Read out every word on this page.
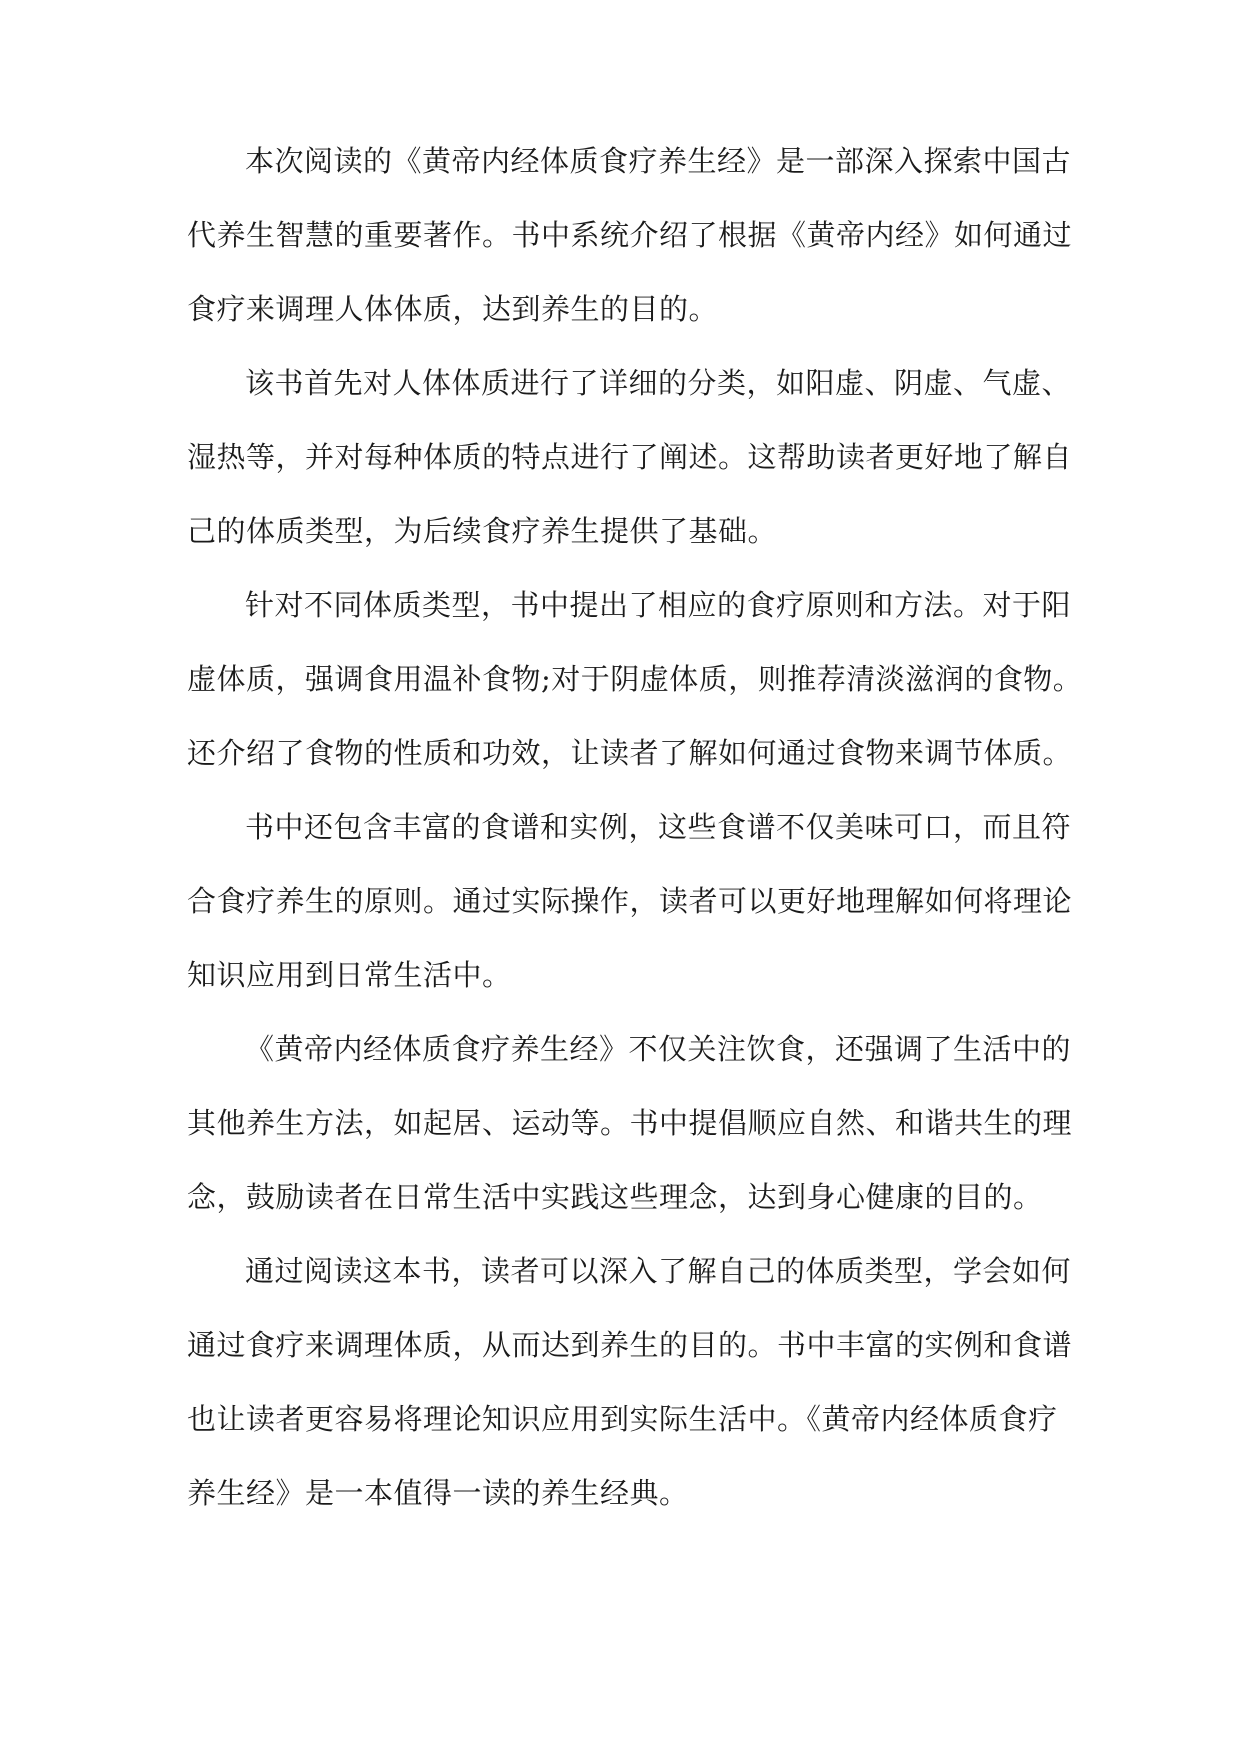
本次阅读的《黄帝内经体质食疗养生经》是一部深入探索中国古
代养生智慧的重要著作。书中系统介绍了根据《黄帝内经》如何通过
食疗来调理人体体质，达到养生的目的。
该书首先对人体体质进行了详细的分类，如阳虚、阴虚、气虚、
湿热等，并对每种体质的特点进行了阐述。这帮助读者更好地了解自
己的体质类型，为后续食疗养生提供了基础。
针对不同体质类型，书中提出了相应的食疗原则和方法。对于阳
虚体质，强调食用温补食物;对于阴虚体质，则推荐清淡滋润的食物。
还介绍了食物的性质和功效，让读者了解如何通过食物来调节体质。
书中还包含丰富的食谱和实例，这些食谱不仅美味可口，而且符
合食疗养生的原则。通过实际操作，读者可以更好地理解如何将理论
知识应用到日常生活中。
《黄帝内经体质食疗养生经》不仅关注饮食，还强调了生活中的
其他养生方法，如起居、运动等。书中提倡顺应自然、和谐共生的理
念，鼓励读者在日常生活中实践这些理念，达到身心健康的目的。
通过阅读这本书，读者可以深入了解自己的体质类型，学会如何
通过食疗来调理体质，从而达到养生的目的。书中丰富的实例和食谱
也让读者更容易将理论知识应用到实际生活中。《黄帝内经体质食疗
养生经》是一本值得一读的养生经典。
